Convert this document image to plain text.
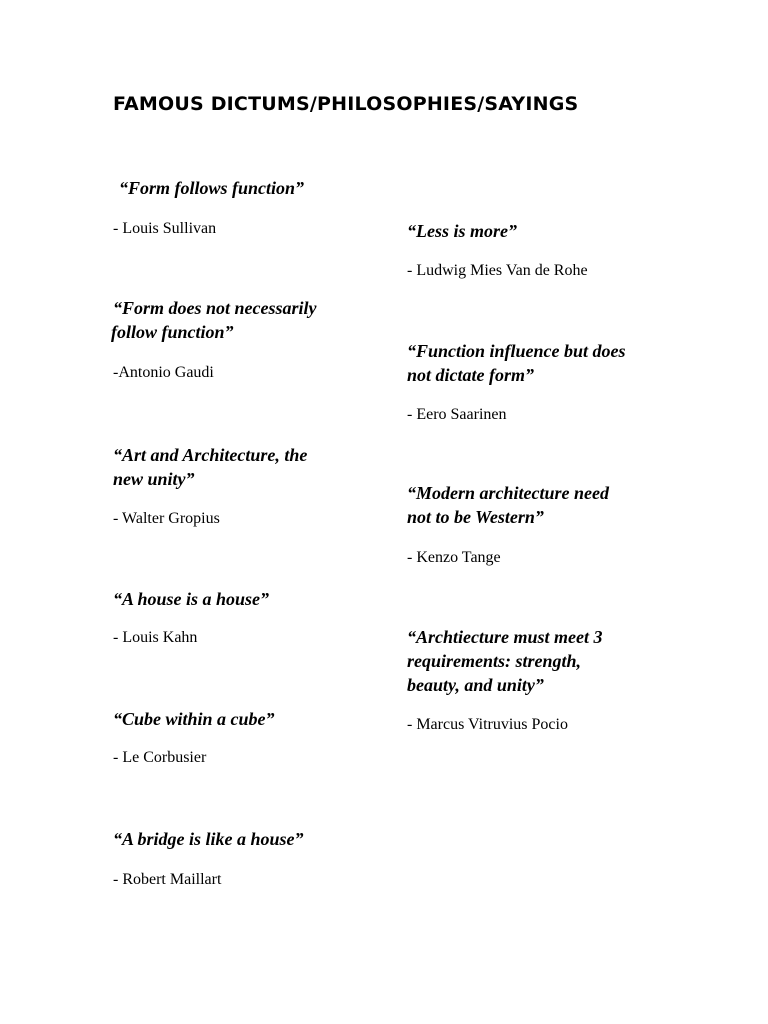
FAMOUS DICTUMS/PHILOSOPHIES/SAYINGS

“Form follows function”

- Louis Sullivan

“Form does not necessarily

follow function”

-Antonio Gaudi

“Art and Architecture, the

new unity”

- Walter Gropius

“A house is a house”

- Louis Kahn

“Cube within a cube”

- Le Corbusier

“A bridge is like a house”

- Robert Maillart

“Less is more”

- Ludwig Mies Van de Rohe

“Function influence but does

not dictate form”

- Eero Saarinen

“Modern architecture need

not to be Western”

- Kenzo Tange

“Archtiecture must meet 3

requirements: strength,

beauty, and unity”

- Marcus Vitruvius Pocio
